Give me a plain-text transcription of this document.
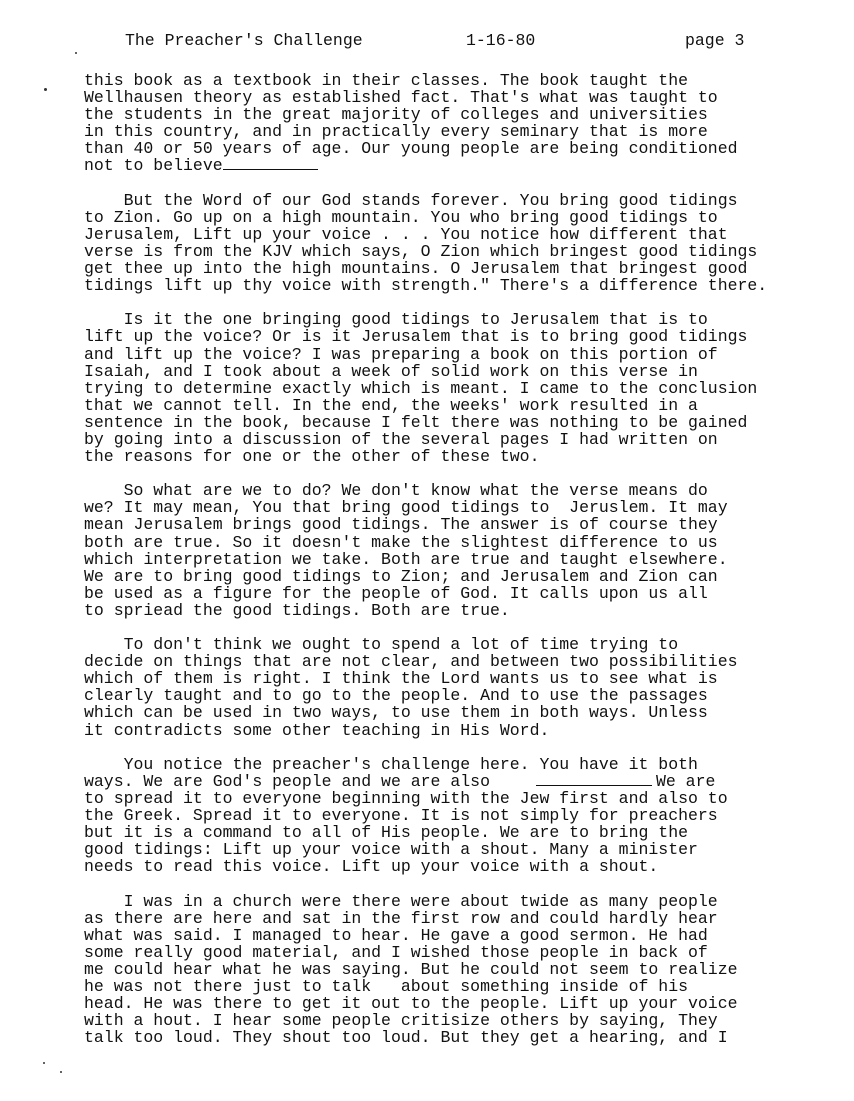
The Preacher's Challenge

	1-16-80

	page 3

this book as a textbook in their classes. The book taught the
Wellhausen theory as established fact. That's what was taught to
the students in the great majority of colleges and universities
in this country, and in practically every seminary that is more
than 40 or 50 years of age. Our young people are being conditioned
not to believe
But the Word of our God stands forever. You bring good tidings
to Zion. Go up on a high mountain. You who bring good tidings to
Jerusalem, Lift up your voice . . . You notice how different that
verse is from the KJV which says, O Zion which bringest good tidings
get thee up into the high mountains. O Jerusalem that bringest good
tidings lift up thy voice with strength." There's a difference there.
Is it the one bringing good tidings to Jerusalem that is to
lift up the voice? Or is it Jerusalem that is to bring good tidings
and lift up the voice? I was preparing a book on this portion of
Isaiah, and I took about a week of solid work on this verse in
trying to determine exactly which is meant. I came to the conclusion
that we cannot tell. In the end, the weeks' work resulted in a
sentence in the book, because I felt there was nothing to be gained
by going into a discussion of the several pages I had written on
the reasons for one or the other of these two.
So what are we to do? We don't know what the verse means do
we? It may mean, You that bring good tidings to  Jeruslem. It may
mean Jerusalem brings good tidings. The answer is of course they
both are true. So it doesn't make the slightest difference to us
which interpretation we take. Both are true and taught elsewhere.
We are to bring good tidings to Zion; and Jerusalem and Zion can
be used as a figure for the people of God. It calls upon us all
to spriead the good tidings. Both are true.
To don't think we ought to spend a lot of time trying to
decide on things that are not clear, and between two possibilities
which of them is right. I think the Lord wants us to see what is
clearly taught and to go to the people. And to use the passages
which can be used in two ways, to use them in both ways. Unless
it contradicts some other teaching in His Word.
You notice the preacher's challenge here. You have it both
ways. We are God's people and we are also	We are
to spread it to everyone beginning with the Jew first and also to
the Greek. Spread it to everyone. It is not simply for preachers
but it is a command to all of His people. We are to bring the
good tidings: Lift up your voice with a shout. Many a minister
needs to read this voice. Lift up your voice with a shout.
I was in a church were there were about twide as many people
as there are here and sat in the first row and could hardly hear
what was said. I managed to hear. He gave a good sermon. He had
some really good material, and I wished those people in back of
me could hear what he was saying. But he could not seem to realize
he was not there just to talk   about something inside of his
head. He was there to get it out to the people. Lift up your voice
with a hout. I hear some people critisize others by saying, They
talk too loud. They shout too loud. But they get a hearing, and I
